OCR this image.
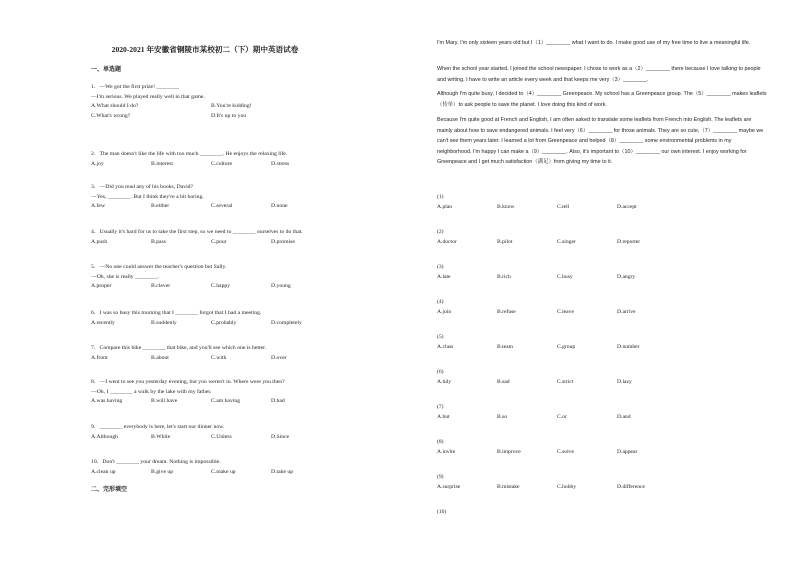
2020-2021 年安徽省铜陵市某校初二（下）期中英语试卷
一、单选题
1．—We got the first prize! ________
—I'm serious. We played really well in that game.
A.What should I do?	B.You're kidding!
C.What's wrong?	D.It's up to you
2．The man doesn't like the life with too much ________. He enjoys the relaxing life.
A.joy	B.interest	C.culture	D.stress
3．—Did you read any of his books, David?
—Yes, ________. But I think they're a bit boring.
A.few	B.either	C.several	D.none
4．Usually it's hard for us to take the first step, so we need to ________ ourselves to do that.
A.push	B.pass	C.pour	D.promise
5．—No one could answer the teacher's question but Sally.
—Oh, she is really ________.
A.proper	B.clever	C.happy	D.young
6．I was so busy this morning that I ________ forgot that I had a meeting.
A.recently	B.suddenly	C.probably	D.completely
7．Compare this bike ________ that bike, and you'll see which one is better.
A.from	B.about	C.with	D.over
8．—I went to see you yesterday evening, but you weren't in. Where were you then?
—Oh, I ________ a walk by the lake with my father.
A.was having	B.will have	C.am having	D.had
9．________ everybody is here, let's start our dinner now.
A.Although	B.While	C.Unless	D.Since
10．Don't ________ your dream. Nothing is impossible.
A.clean up	B.give up	C.make up	D.take up
二、完形填空
I'm Mary. I'm only sixteen years old but I（1）________ what I want to do. I make good use of my free time to live a meaningful life.
When the school year started, I joined the school newspaper. I chose to work as a（2）________ there because I love talking to people and writing. I have to write an article every week and that keeps me very（3）________.
Although I'm quite busy, I decided to（4）________ Greenpeace. My school has a Greenpeace group. The（5）________ makes leaflets（传单）to ask people to save the planet. I love doing this kind of work.
Because I'm quite good at French and English, I am often asked to translate some leaflets from French into English. The leaflets are mainly about how to save endangered animals. I feel very（6）________ for those animals. They are so cute,（7）________ maybe we can't see them years later. I learned a lot from Greenpeace and helped（8）________ some environmental problems in my neighborhood. I'm happy I can make a（9）________. Also, it's important to（10）________ our own interest. I enjoy working for Greenpeace and I get much satisfaction（满足）from giving my time to it.
(1)
A.plan	B.know	C.tell	D.accept
(2)
A.doctor	B.pilot	C.singer	D.reporter
(3)
A.late	B.rich	C.busy	D.angry
(4)
A.join	B.refuse	C.leave	D.arrive
(5)
A.class	B.team	C.group	D.number
(6)
A.tidy	B.sad	C.strict	D.lazy
(7)
A.but	B.so	C.or	D.and
(8)
A.invite	B.improve	C.solve	D.appear
(9)
A.surprise	B.mistake	C.hobby	D.difference
(10)
